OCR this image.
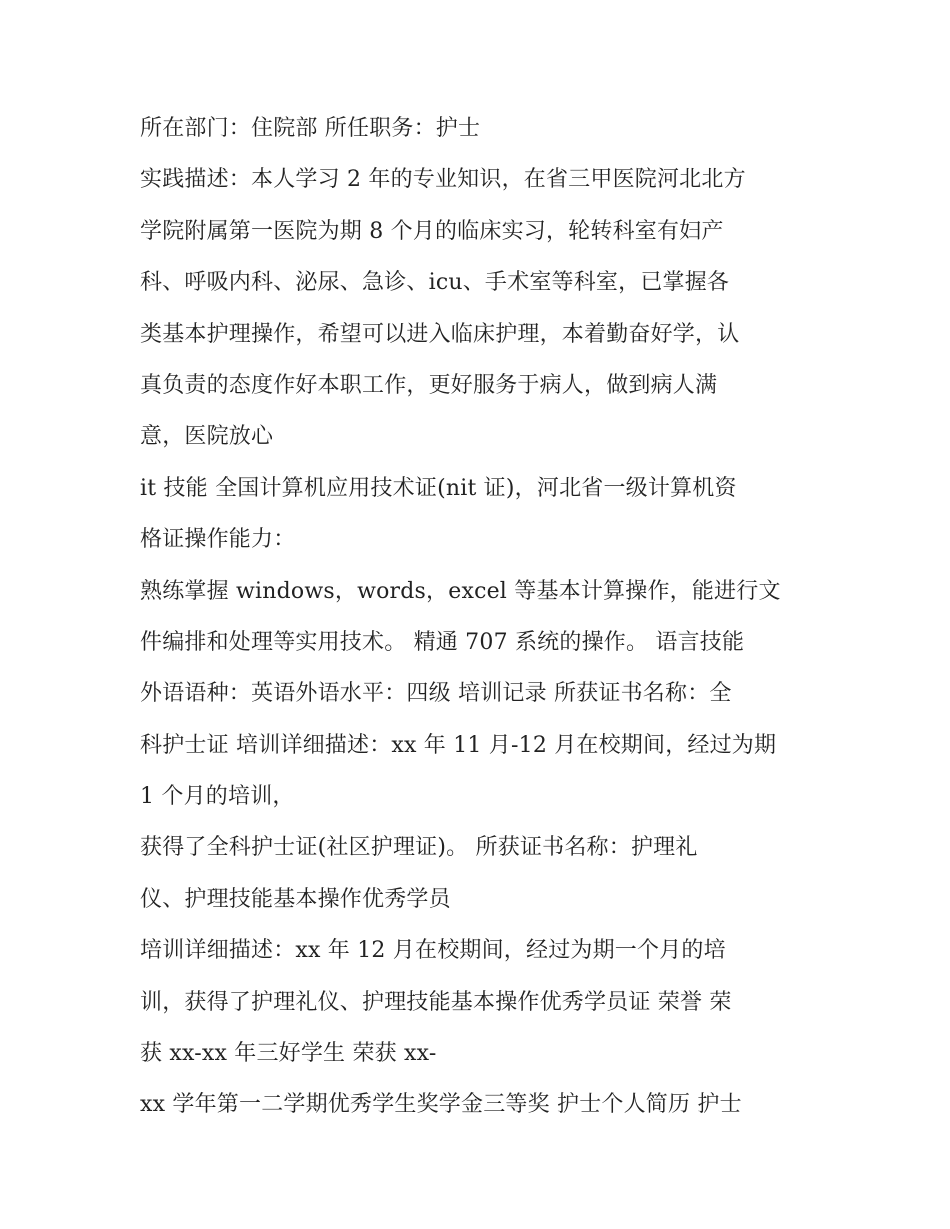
所在部门：住院部 所任职务：护士
实践描述：本人学习 2 年的专业知识，在省三甲医院河北北方
学院附属第一医院为期 8 个月的临床实习，轮转科室有妇产
科、呼吸内科、泌尿、急诊、icu、手术室等科室，已掌握各
类基本护理操作，希望可以进入临床护理，本着勤奋好学，认
真负责的态度作好本职工作，更好服务于病人，做到病人满
意，医院放心
it 技能 全国计算机应用技术证(nit 证)，河北省一级计算机资
格证操作能力：
熟练掌握 windows，words，excel 等基本计算操作，能进行文
件编排和处理等实用技术。 精通 707 系统的操作。 语言技能
外语语种：英语外语水平：四级 培训记录 所获证书名称：全
科护士证 培训详细描述：xx 年 11 月-12 月在校期间，经过为期
1 个月的培训，
获得了全科护士证(社区护理证)。 所获证书名称：护理礼
仪、护理技能基本操作优秀学员
培训详细描述：xx 年 12 月在校期间，经过为期一个月的培
训，获得了护理礼仪、护理技能基本操作优秀学员证 荣誉 荣
获 xx-xx 年三好学生 荣获 xx-
xx 学年第一二学期优秀学生奖学金三等奖 护士个人简历 护士
